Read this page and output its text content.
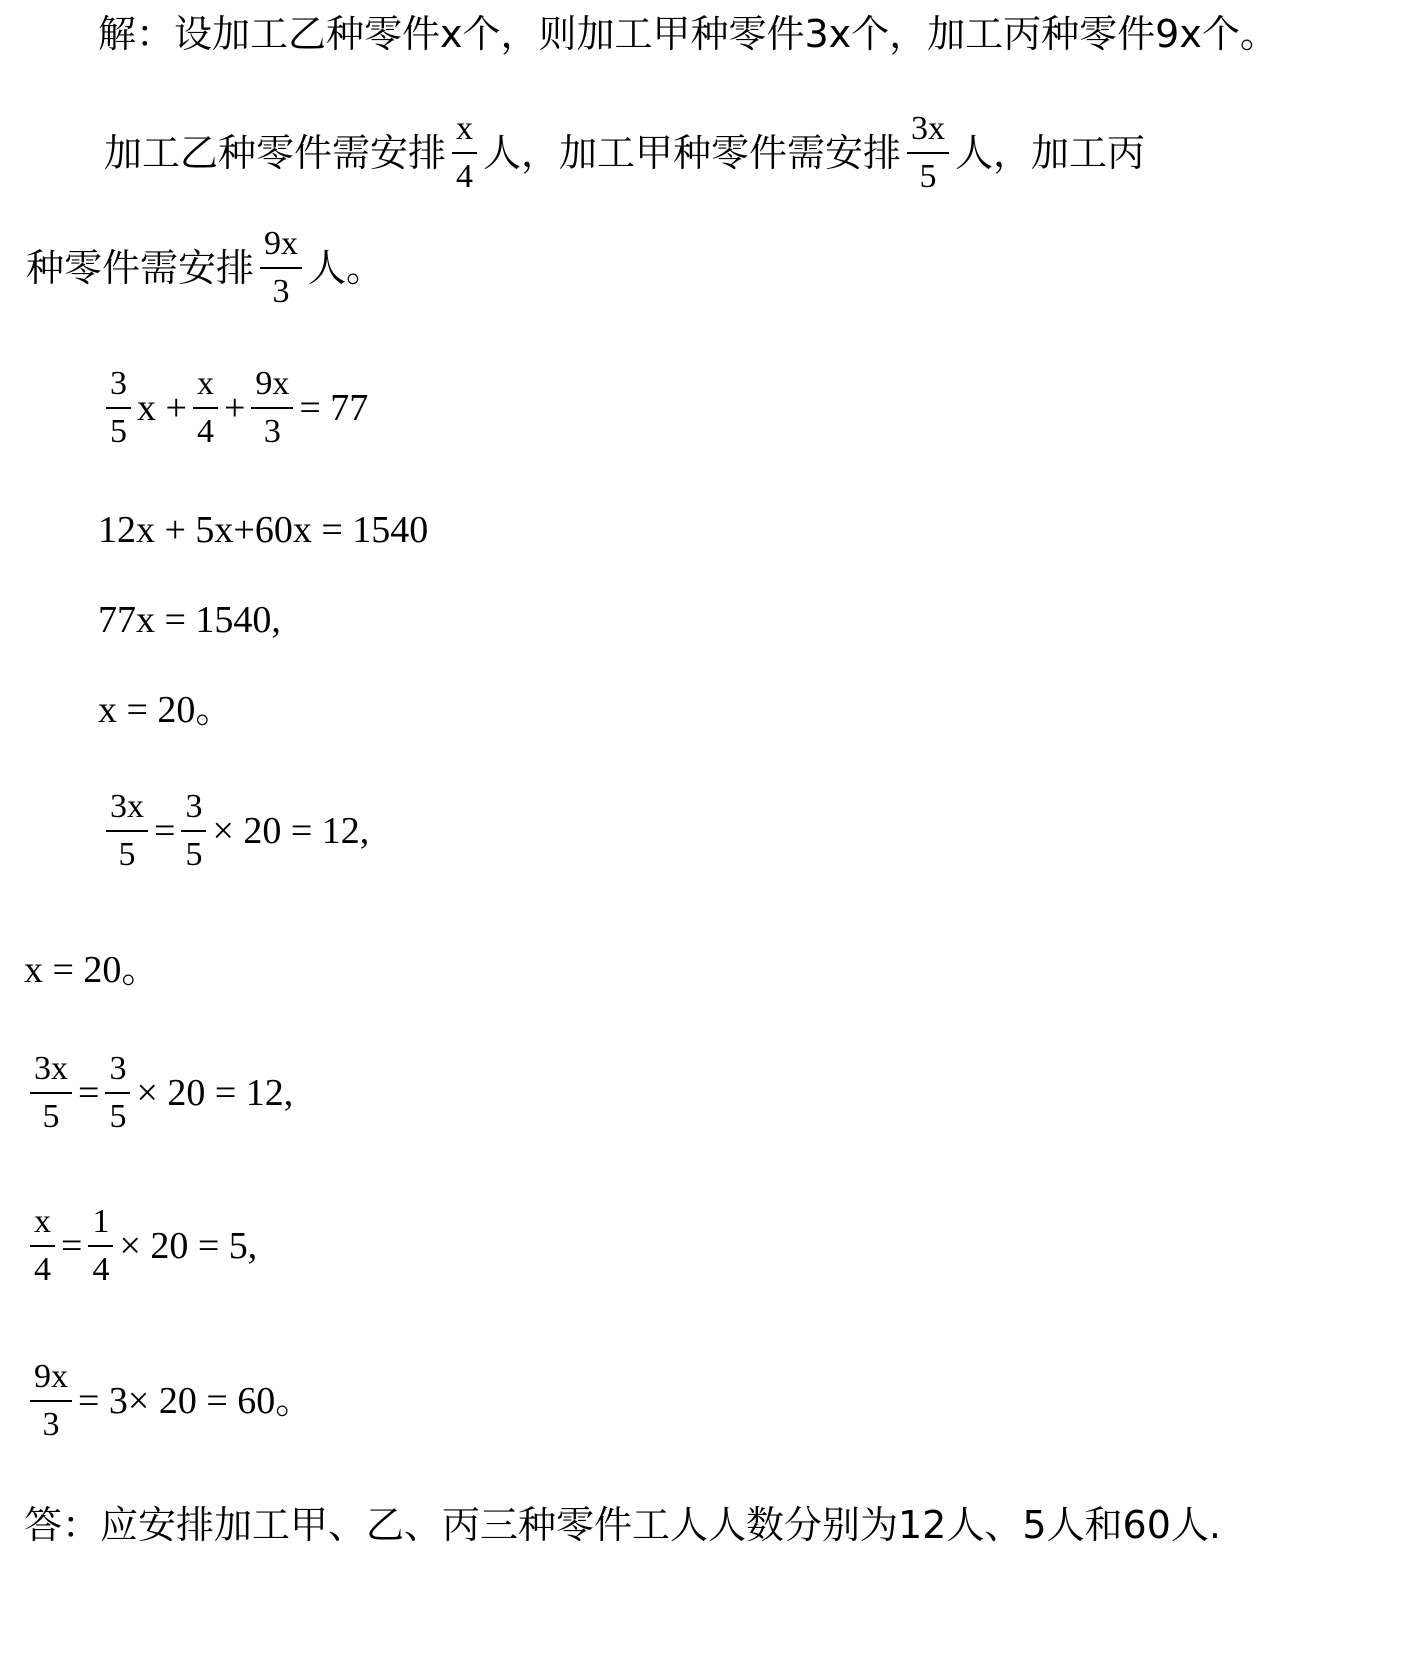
解：设加工乙种零件x个，则加工甲种零件3x个，加工丙种零件9x个。
加工乙种零件需安排 $\frac{x}{4}$ 人，加工甲种零件需安排 $\frac{3x}{5}$ 人，加工丙
种零件需安排 $\frac{9x}{3}$ 人。
$\frac{3}{5}$ $x + \frac{x}{4} + \frac{9x}{3} = 77$
12x + 5x+60x = 1540
77x = 1540,
x = 20。
$\frac{3x}{5} = \frac{3}{5} \times 20 = 12$,
x = 20。
$\frac{3x}{5} = \frac{3}{5} \times 20 = 12$,
$\frac{x}{4} = \frac{1}{4} \times 20 = 5$,
$\frac{9x}{3} = 3\times 20 = 60$。
答：应安排加工甲、乙、丙三种零件工人人数分别为12人、5人和60人.
